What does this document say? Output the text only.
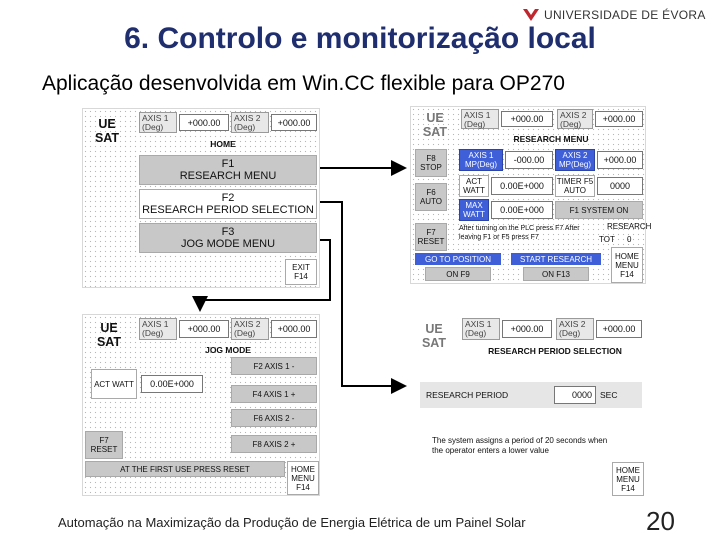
6. Controlo e monitorização local
Aplicação desenvolvida em Win.CC flexible para OP270
UNIVERSIDADE DE ÉVORA
UE SAT
AXIS 1 (Deg)	+000.00	AXIS 2 (Deg)	+000.00
HOME
F1
RESEARCH MENU
F2
RESEARCH PERIOD SELECTION
F3
JOG MODE MENU
EXIT
F14
UE SAT
AXIS 1 (Deg)	+000.00	AXIS 2 (Deg)	+000.00
RESEARCH MENU
F8
STOP
F6
AUTO
F7
RESET
AXIS 1 MP(Deg)	-000.00	AXIS 2 MP(Deg)	+000.00
ACT WATT	0.00E+000	TIMER F5 AUTO	0000
MAX WATT	0.00E+000	F1 SYSTEM ON
RESEARCH
TOT 0
After turning on the PLC press F7 After leaving F1 or F5 press F7
GO TO POSITION	START RESEARCH
ON F9	ON F13
HOME MENU
F14
UE SAT
AXIS 1 (Deg)	+000.00	AXIS 2 (Deg)	+000.00
JOG MODE
ACT WATT	0.00E+000
F2 AXIS 1 -
F4 AXIS 1 +
F6 AXIS 2 -
F8 AXIS 2 +
F7
RESET
AT THE FIRST USE PRESS RESET	HOME MENU
F14
UE SAT
AXIS 1 (Deg)	+000.00	AXIS 2 (Deg)	+000.00
RESEARCH PERIOD SELECTION
RESEARCH PERIOD	0000 SEC
The system assigns a period of 20 seconds when the operator enters a lower value
HOME MENU
F14
Automação na Maximização da Produção de Energia Elétrica de um Painel Solar	20
